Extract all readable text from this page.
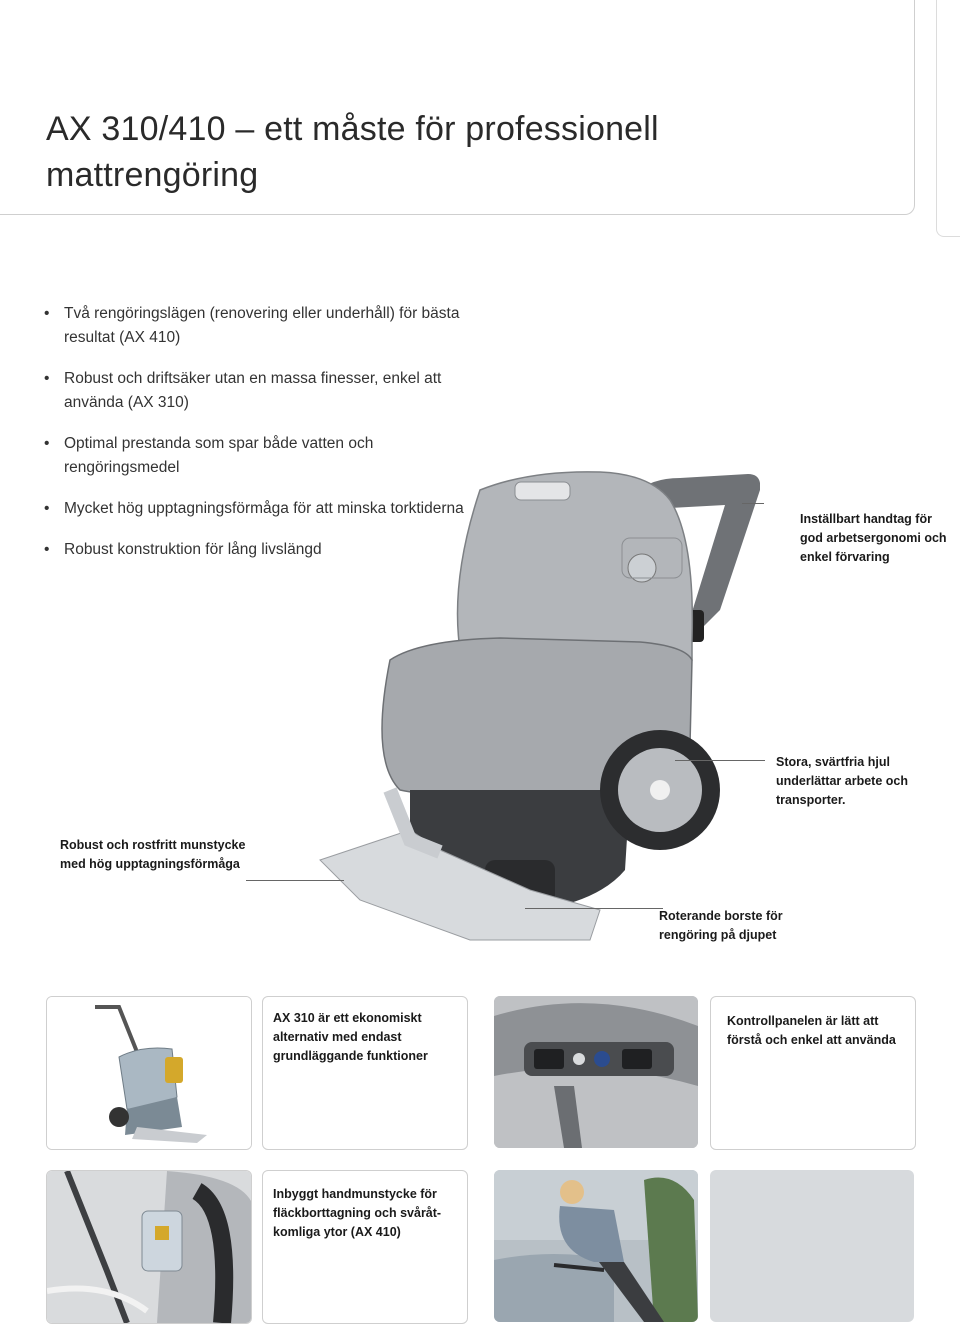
AX 310/410 – ett måste för professionell mattrengöring
• Två rengöringslägen (renovering eller underhåll) för bästa resultat (AX 410)
• Robust och driftsäker utan en massa finesser, enkel att använda (AX 310)
• Optimal prestanda som spar både vatten och rengöringsmedel
• Mycket hög upptagningsförmåga för att minska torktiderna
• Robust konstruktion för lång livslängd
Inställbart handtag för god arbetsergonomi och enkel förvaring
Stora, svärtfria hjul underlättar arbete och transporter.
Robust och rostfritt munstycke med hög upptagningsförmåga
Roterande borste för rengöring på djupet
AX 310 är ett ekonomiskt alternativ med endast grundläggande funktioner
Kontrollpanelen är lätt att förstå och enkel att använda
Inbyggt handmunstycke för fläckborttagning och svåråt-komliga ytor (AX 410)
